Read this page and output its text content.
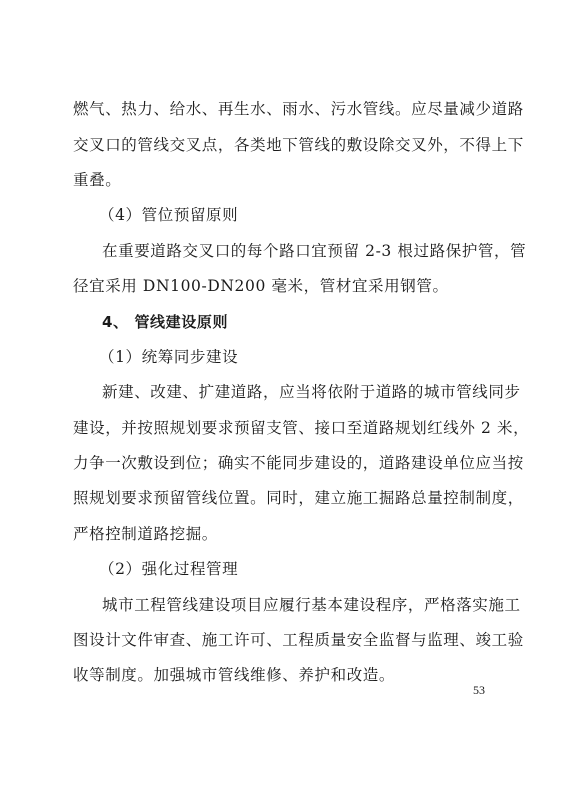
燃气、热力、给水、再生水、雨水、污水管线。应尽量减少道路
交叉口的管线交叉点，各类地下管线的敷设除交叉外，不得上下
重叠。
（4）管位预留原则
在重要道路交叉口的每个路口宜预留 2-3 根过路保护管，管
径宜采用 DN100-DN200 毫米，管材宜采用钢管。
4、 管线建设原则
（1）统筹同步建设
新建、改建、扩建道路，应当将依附于道路的城市管线同步
建设，并按照规划要求预留支管、接口至道路规划红线外 2 米，
力争一次敷设到位；确实不能同步建设的，道路建设单位应当按
照规划要求预留管线位置。同时，建立施工掘路总量控制制度，
严格控制道路挖掘。
（2）强化过程管理
城市工程管线建设项目应履行基本建设程序，严格落实施工
图设计文件审查、施工许可、工程质量安全监督与监理、竣工验
收等制度。加强城市管线维修、养护和改造。
53
